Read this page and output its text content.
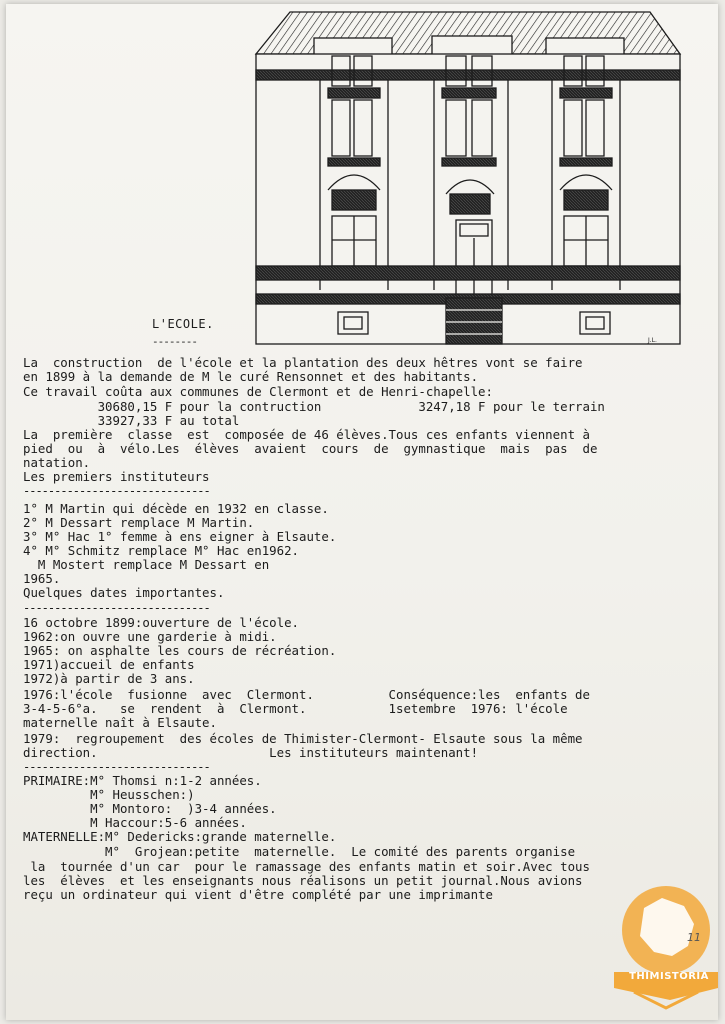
J.L.
L'ECOLE.
--------
La  construction  de l'école et la plantation des deux hêtres vont se faire
en 1899 à la demande de M le curé Rensonnet et des habitants.
Ce travail coûta aux communes de Clermont et de Henri-chapelle:
30680,15 F pour la contruction             3247,18 F pour le terrain
33927,33 F au total
La  première  classe  est  composée de 46 élèves.Tous ces enfants viennent à
pied  ou  à  vélo.Les  élèves  avaient  cours  de  gymnastique  mais  pas  de
natation.
Les premiers instituteurs
------------------------------
1° M Martin qui décède en 1932 en classe.
2° M Dessart remplace M Martin.
3° M° Hac 1° femme à ens eigner à Elsaute.
4° M° Schmitz remplace M° Hac en1962.
M Mostert remplace M Dessart en
1965.
Quelques dates importantes.
------------------------------
16 octobre 1899:ouverture de l'école.
1962:on ouvre une garderie à midi.
1965: on asphalte les cours de récréation.
1971)accueil de enfants
1972)à partir de 3 ans.
1976:l'école  fusionne  avec  Clermont.          Conséquence:les  enfants de
3-4-5-6°a.   se  rendent  à  Clermont.           1setembre  1976: l'école
maternelle naît à Elsaute.
1979:  regroupement  des écoles de Thimister-Clermont- Elsaute sous la même
direction.                       Les instituteurs maintenant!
------------------------------
PRIMAIRE:M° Thomsi n:1-2 années.
M° Heusschen:)
M° Montoro:  )3-4 années.
M Haccour:5-6 années.
MATERNELLE:M° Dedericks:grande maternelle.
M°  Grojean:petite  maternelle.  Le comité des parents organise
la  tournée d'un car  pour le ramassage des enfants matin et soir.Avec tous
les  élèves  et les enseignants nous réalisons un petit journal.Nous avions
reçu un ordinateur qui vient d'être complété par une imprimante
THIMISTORIA
11
